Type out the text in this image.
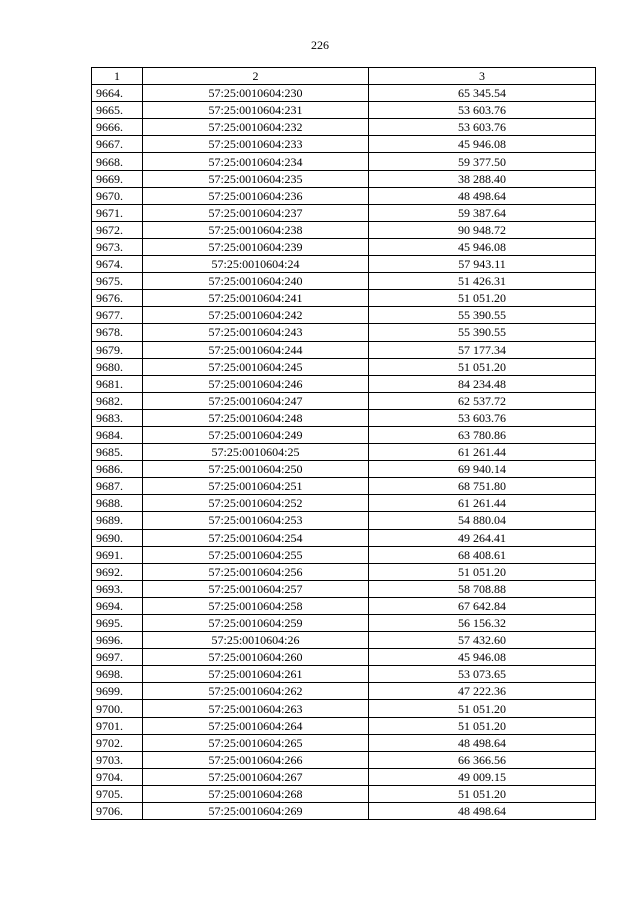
226
1	2	3
9664.	57:25:0010604:230	65 345.54
9665.	57:25:0010604:231	53 603.76
9666.	57:25:0010604:232	53 603.76
9667.	57:25:0010604:233	45 946.08
9668.	57:25:0010604:234	59 377.50
9669.	57:25:0010604:235	38 288.40
9670.	57:25:0010604:236	48 498.64
9671.	57:25:0010604:237	59 387.64
9672.	57:25:0010604:238	90 948.72
9673.	57:25:0010604:239	45 946.08
9674.	57:25:0010604:24	57 943.11
9675.	57:25:0010604:240	51 426.31
9676.	57:25:0010604:241	51 051.20
9677.	57:25:0010604:242	55 390.55
9678.	57:25:0010604:243	55 390.55
9679.	57:25:0010604:244	57 177.34
9680.	57:25:0010604:245	51 051.20
9681.	57:25:0010604:246	84 234.48
9682.	57:25:0010604:247	62 537.72
9683.	57:25:0010604:248	53 603.76
9684.	57:25:0010604:249	63 780.86
9685.	57:25:0010604:25	61 261.44
9686.	57:25:0010604:250	69 940.14
9687.	57:25:0010604:251	68 751.80
9688.	57:25:0010604:252	61 261.44
9689.	57:25:0010604:253	54 880.04
9690.	57:25:0010604:254	49 264.41
9691.	57:25:0010604:255	68 408.61
9692.	57:25:0010604:256	51 051.20
9693.	57:25:0010604:257	58 708.88
9694.	57:25:0010604:258	67 642.84
9695.	57:25:0010604:259	56 156.32
9696.	57:25:0010604:26	57 432.60
9697.	57:25:0010604:260	45 946.08
9698.	57:25:0010604:261	53 073.65
9699.	57:25:0010604:262	47 222.36
9700.	57:25:0010604:263	51 051.20
9701.	57:25:0010604:264	51 051.20
9702.	57:25:0010604:265	48 498.64
9703.	57:25:0010604:266	66 366.56
9704.	57:25:0010604:267	49 009.15
9705.	57:25:0010604:268	51 051.20
9706.	57:25:0010604:269	48 498.64
